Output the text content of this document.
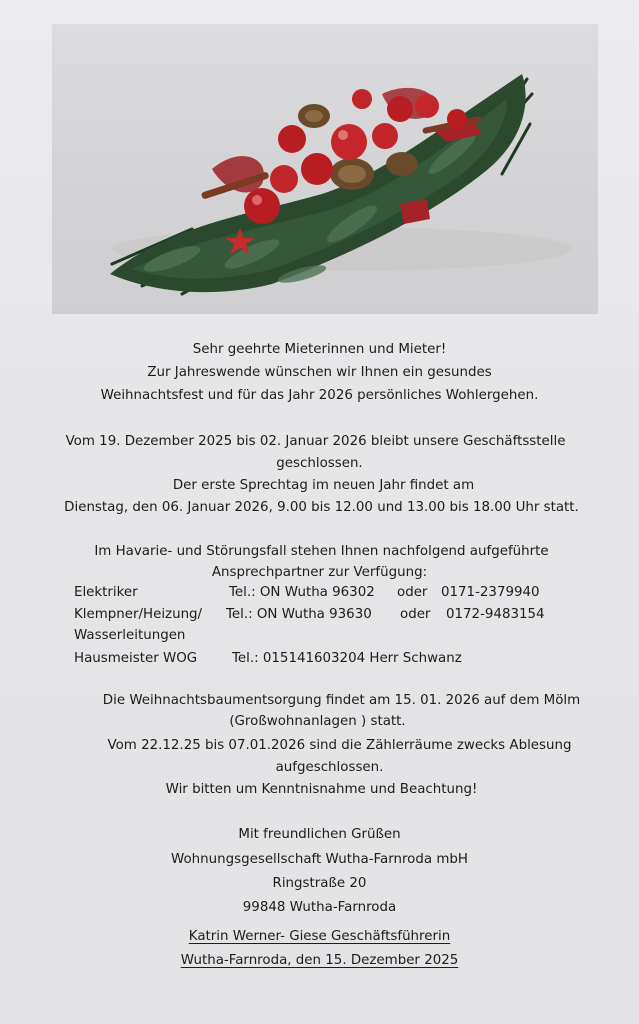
Sehr geehrte Mieterinnen und Mieter!
Zur Jahreswende wünschen wir Ihnen ein gesundes
Weihnachtsfest und für das Jahr 2026 persönliches Wohlergehen.
Vom 19. Dezember 2025 bis 02. Januar 2026 bleibt unsere Geschäftsstelle
geschlossen.
Der erste Sprechtag im neuen Jahr findet am
Dienstag, den 06. Januar 2026, 9.00 bis 12.00 und 13.00 bis 18.00 Uhr statt.
Im Havarie- und Störungsfall stehen Ihnen nachfolgend aufgeführte
Ansprechpartner zur Verfügung:
Elektriker	Tel.: ON Wutha 96302 oder 0171-2379940
Klempner/Heizung/ Tel.: ON Wutha 93630 oder 0172-9483154
Wasserleitungen
Hausmeister WOG	Tel.: 015141603204 Herr Schwanz
Die Weihnachtsbaumentsorgung findet am 15. 01. 2026 auf dem Mölm
(Großwohnanlagen ) statt.
Vom 22.12.25 bis 07.01.2026 sind die Zählerräume zwecks Ablesung
aufgeschlossen.
Wir bitten um Kenntnisnahme und Beachtung!
Mit freundlichen Grüßen
Wohnungsgesellschaft Wutha-Farnroda mbH
Ringstraße 20
99848 Wutha-Farnroda
Katrin Werner- Giese Geschäftsführerin
Wutha-Farnroda, den 15. Dezember 2025
